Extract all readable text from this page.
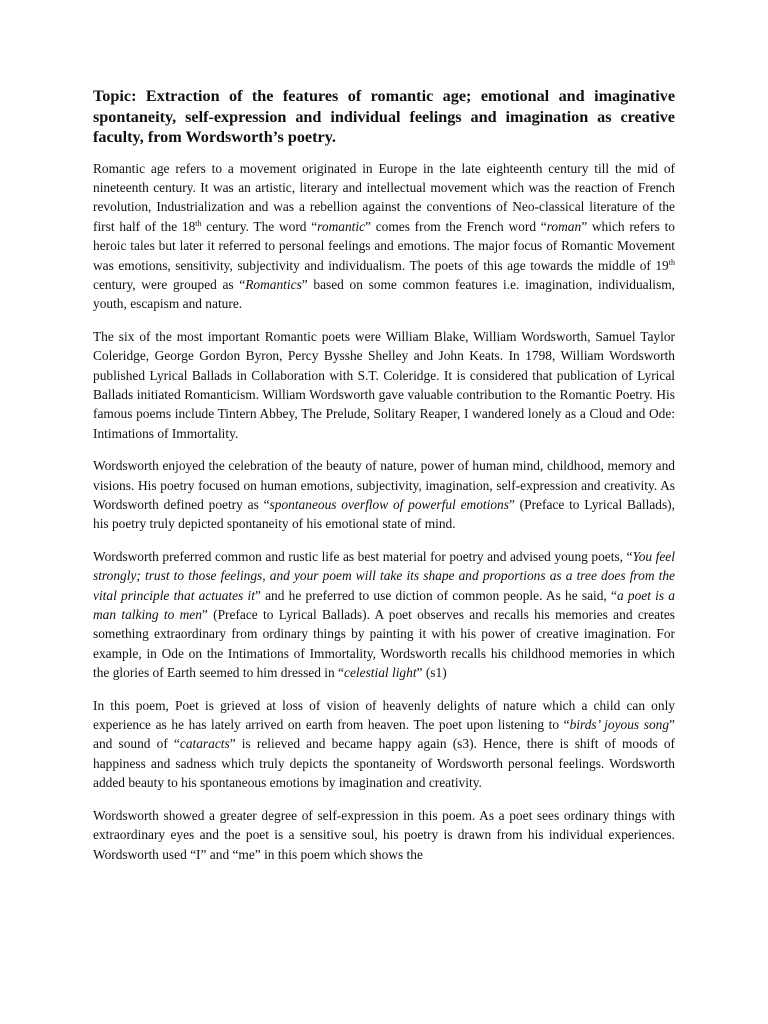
Topic: Extraction of the features of romantic age; emotional and imaginative spontaneity, self-expression and individual feelings and imagination as creative faculty, from Wordsworth’s poetry.

Romantic age refers to a movement originated in Europe in the late eighteenth century till the mid of nineteenth century. It was an artistic, literary and intellectual movement which was the reaction of French revolution, Industrialization and was a rebellion against the conventions of Neo-classical literature of the first half of the 18th century. The word “romantic” comes from the French word “roman” which refers to heroic tales but later it referred to personal feelings and emotions. The major focus of Romantic Movement was emotions, sensitivity, subjectivity and individualism. The poets of this age towards the middle of 19th century, were grouped as “Romantics” based on some common features i.e. imagination, individualism, youth, escapism and nature.

The six of the most important Romantic poets were William Blake, William Wordsworth, Samuel Taylor Coleridge, George Gordon Byron, Percy Bysshe Shelley and John Keats. In 1798, William Wordsworth published Lyrical Ballads in Collaboration with S.T. Coleridge. It is considered that publication of Lyrical Ballads initiated Romanticism. William Wordsworth gave valuable contribution to the Romantic Poetry. His famous poems include Tintern Abbey, The Prelude, Solitary Reaper, I wandered lonely as a Cloud and Ode: Intimations of Immortality.

Wordsworth enjoyed the celebration of the beauty of nature, power of human mind, childhood, memory and visions. His poetry focused on human emotions, subjectivity, imagination, self-expression and creativity. As Wordsworth defined poetry as “spontaneous overflow of powerful emotions” (Preface to Lyrical Ballads), his poetry truly depicted spontaneity of his emotional state of mind.

Wordsworth preferred common and rustic life as best material for poetry and advised young poets, “You feel strongly; trust to those feelings, and your poem will take its shape and proportions as a tree does from the vital principle that actuates it” and he preferred to use diction of common people. As he said, “a poet is a man talking to men” (Preface to Lyrical Ballads). A poet observes and recalls his memories and creates something extraordinary from ordinary things by painting it with his power of creative imagination. For example, in Ode on the Intimations of Immortality, Wordsworth recalls his childhood memories in which the glories of Earth seemed to him dressed in “celestial light” (s1)

In this poem, Poet is grieved at loss of vision of heavenly delights of nature which a child can only experience as he has lately arrived on earth from heaven. The poet upon listening to “birds’ joyous song” and sound of “cataracts” is relieved and became happy again (s3). Hence, there is shift of moods of happiness and sadness which truly depicts the spontaneity of Wordsworth personal feelings. Wordsworth added beauty to his spontaneous emotions by imagination and creativity.

Wordsworth showed a greater degree of self-expression in this poem. As a poet sees ordinary things with extraordinary eyes and the poet is a sensitive soul, his poetry is drawn from his individual experiences. Wordsworth used “I” and “me” in this poem which shows the
